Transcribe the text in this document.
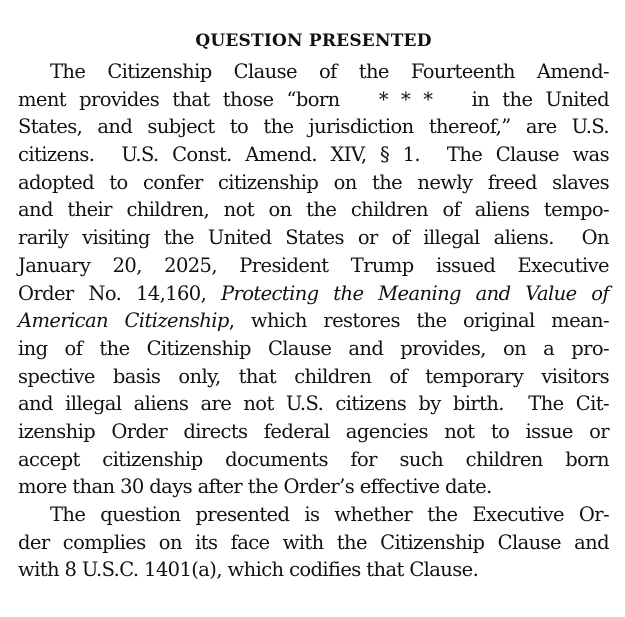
QUESTION PRESENTED
The Citizenship Clause of the Fourteenth Amend-
ment provides that those “born   * * *   in the United
States, and subject to the jurisdiction thereof,” are U.S.
citizens.  U.S. Const. Amend. XIV, § 1.  The Clause was
adopted to confer citizenship on the newly freed slaves
and their children, not on the children of aliens tempo-
rarily visiting the United States or of illegal aliens.  On
January 20, 2025, President Trump issued Executive
Order No. 14,160, Protecting the Meaning and Value of
American Citizenship, which restores the original mean-
ing of the Citizenship Clause and provides, on a pro-
spective basis only, that children of temporary visitors
and illegal aliens are not U.S. citizens by birth.  The Cit-
izenship Order directs federal agencies not to issue or
accept citizenship documents for such children born
more than 30 days after the Order’s effective date.
The question presented is whether the Executive Or-
der complies on its face with the Citizenship Clause and
with 8 U.S.C. 1401(a), which codifies that Clause.
